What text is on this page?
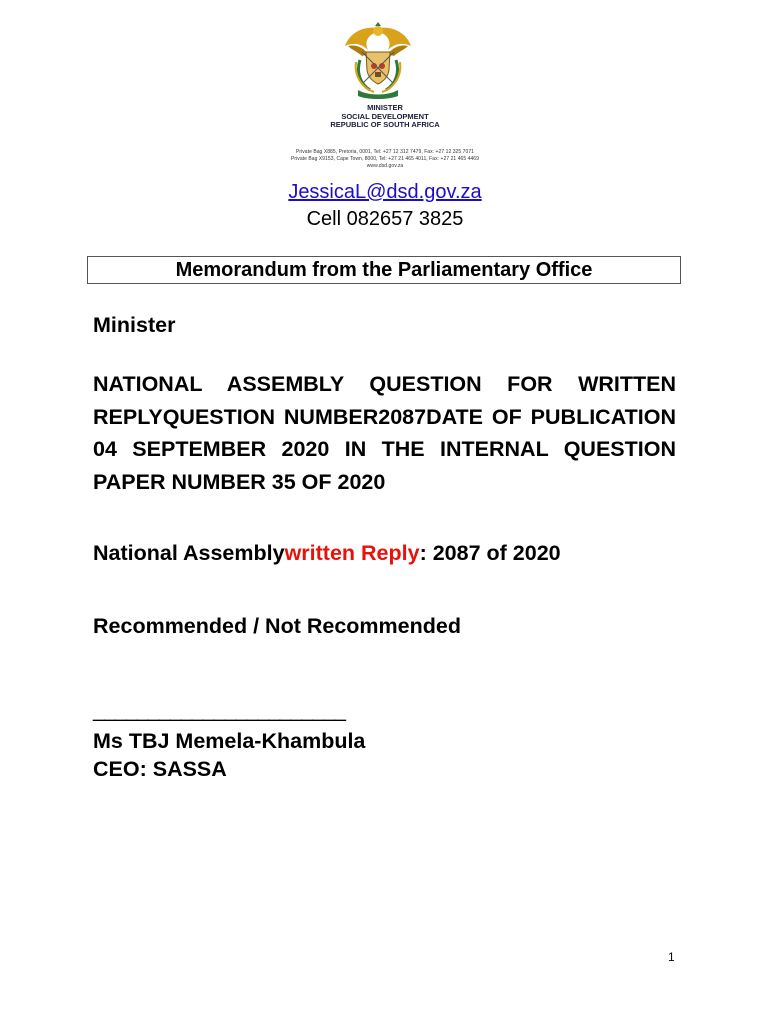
MINISTER
SOCIAL DEVELOPMENT
REPUBLIC OF SOUTH AFRICA
Private Bag X885, Pretoria, 0001, Tel: +27 12 312 7479, Fax: +27 12 325 7071
Private Bag X9153, Cape Town, 8000, Tel: +27 21 465 4011, Fax: +27 21 465 4469
www.dsd.gov.za
JessicaL@dsd.gov.za
Cell 082657 3825
Memorandum from the Parliamentary Office
Minister
NATIONAL ASSEMBLY QUESTION FOR WRITTEN REPLYQUESTION NUMBER2087DATE OF PUBLICATION 04 SEPTEMBER 2020 IN THE INTERNAL QUESTION PAPER NUMBER 35 OF 2020
National Assemblywritten Reply: 2087 of 2020
Recommended / Not Recommended
_______________________
Ms TBJ Memela-Khambula
CEO: SASSA
1
